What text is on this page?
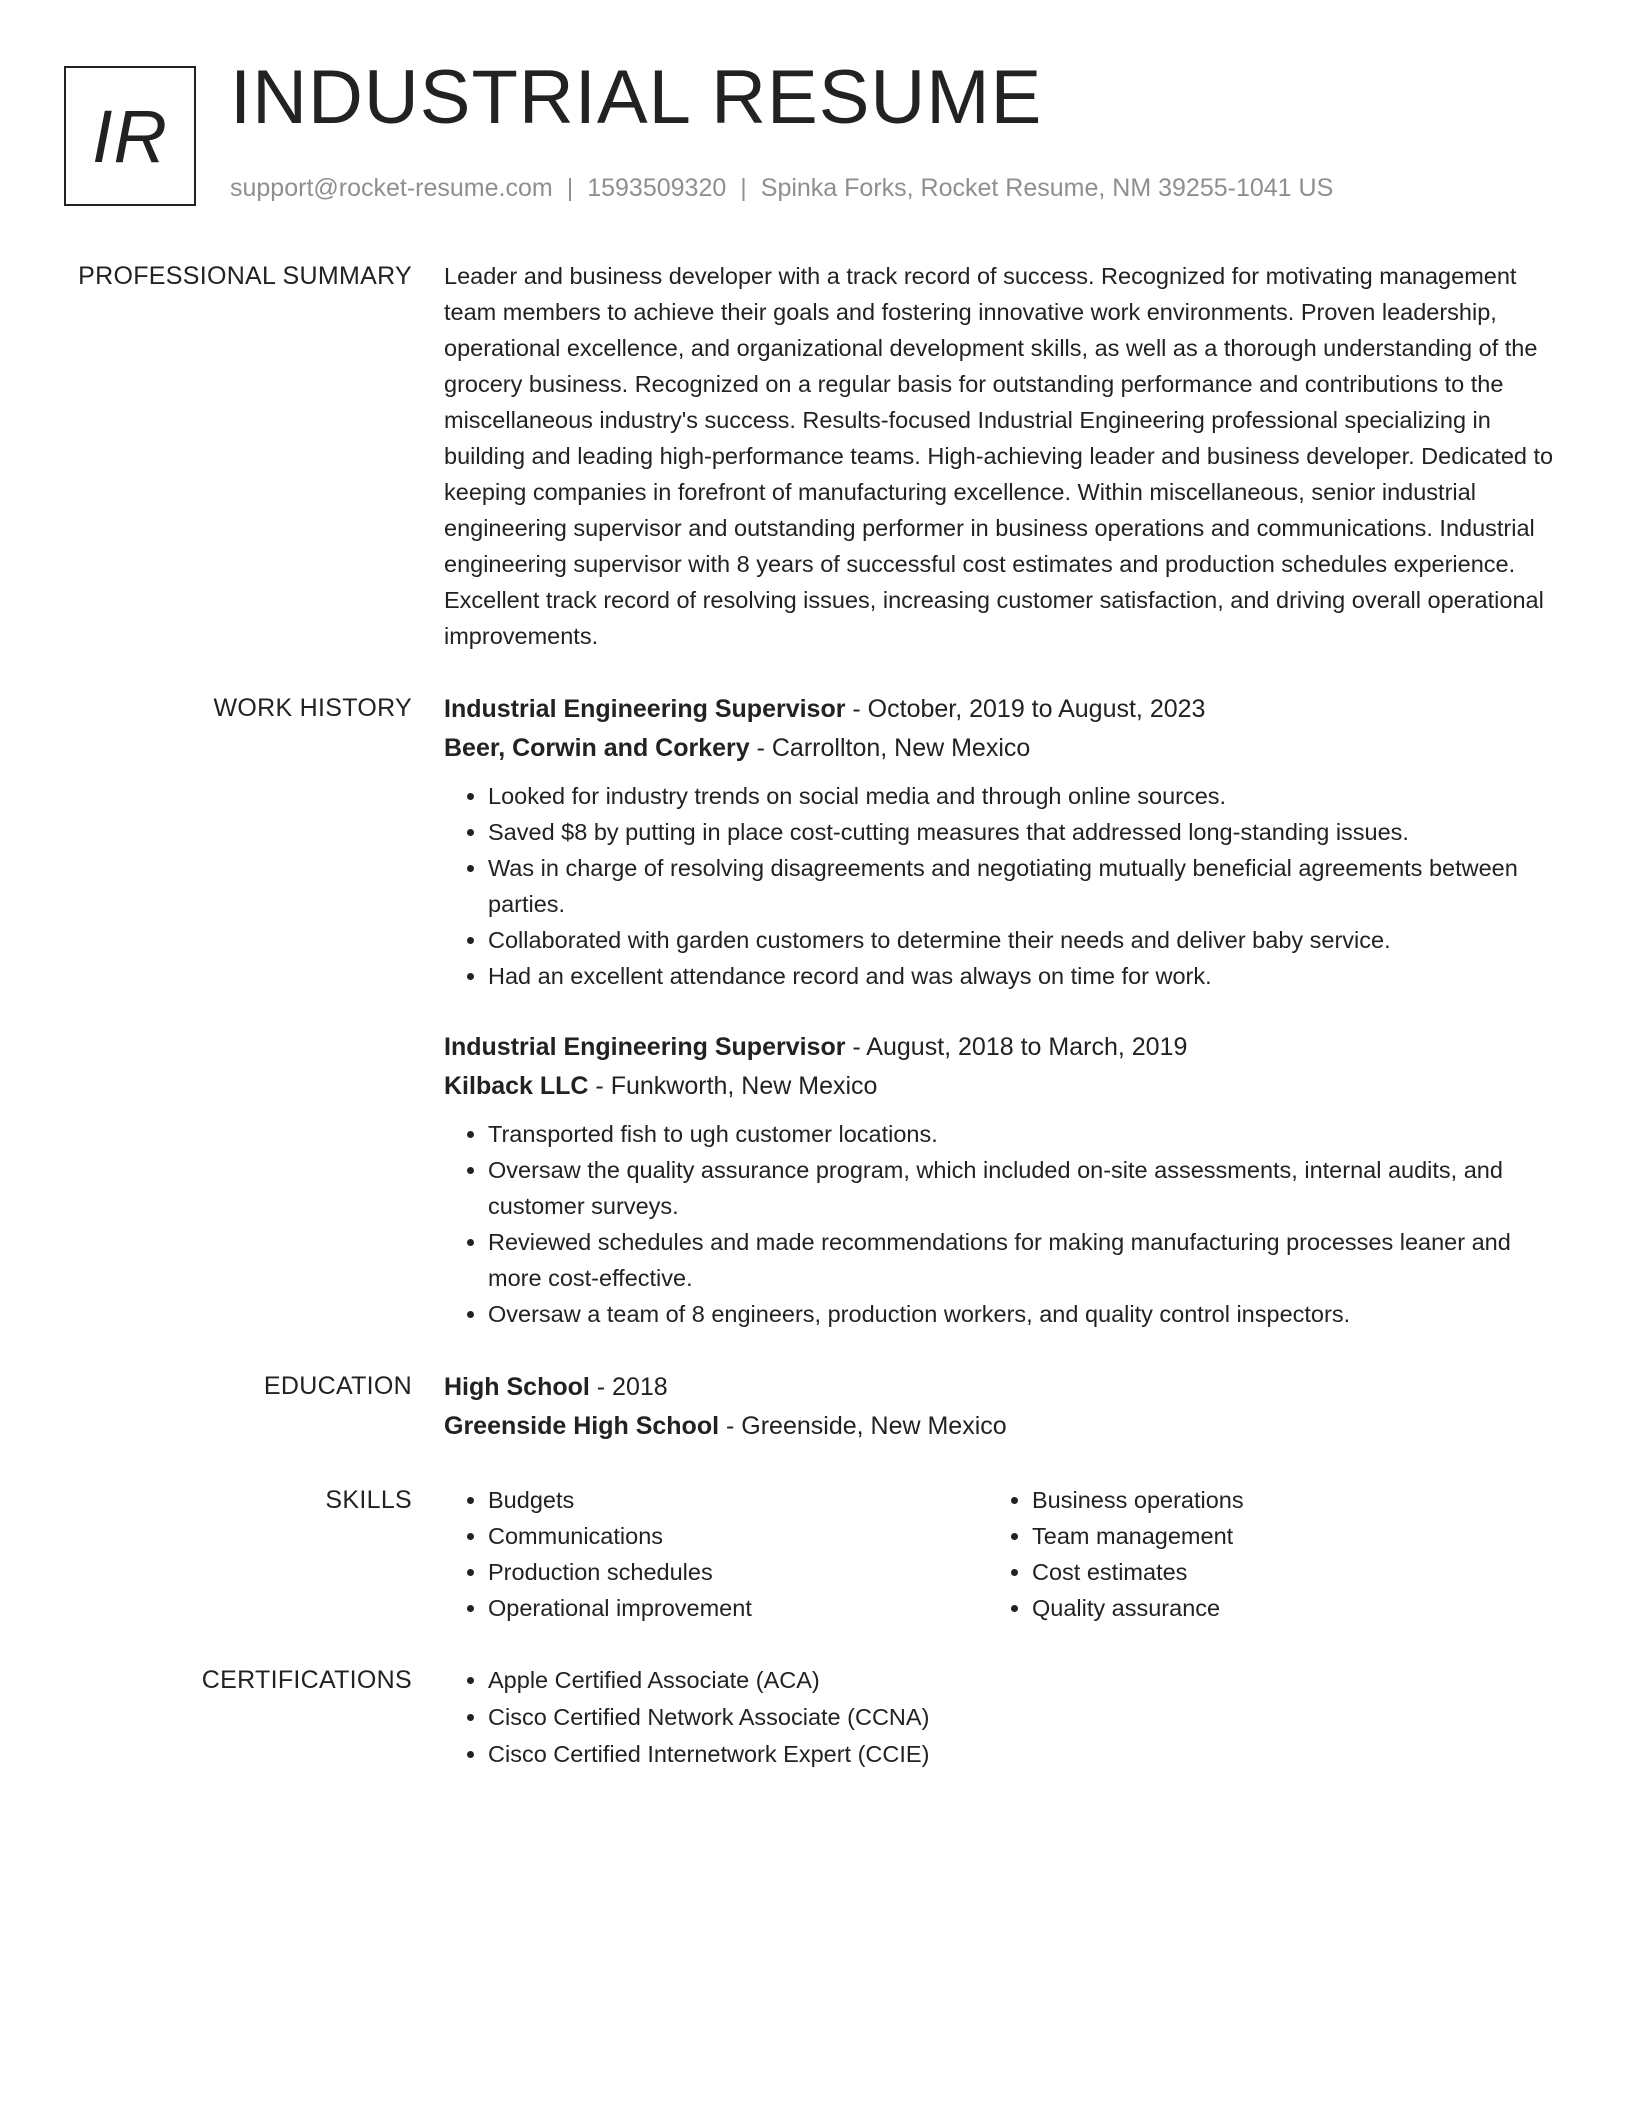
IR INDUSTRIAL RESUME
support@rocket-resume.com | 1593509320 | Spinka Forks, Rocket Resume, NM 39255-1041 US
PROFESSIONAL SUMMARY Leader and business developer with a track record of success. Recognized for motivating management team members to achieve their goals and fostering innovative work environments. Proven leadership, operational excellence, and organizational development skills, as well as a thorough understanding of the grocery business. Recognized on a regular basis for outstanding performance and contributions to the miscellaneous industry's success. Results-focused Industrial Engineering professional specializing in building and leading high-performance teams. High-achieving leader and business developer. Dedicated to keeping companies in forefront of manufacturing excellence. Within miscellaneous, senior industrial engineering supervisor and outstanding performer in business operations and communications. Industrial engineering supervisor with 8 years of successful cost estimates and production schedules experience. Excellent track record of resolving issues, increasing customer satisfaction, and driving overall operational improvements.

WORK HISTORY Industrial Engineering Supervisor - October, 2019 to August, 2023
Beer, Corwin and Corkery - Carrollton, New Mexico
• Looked for industry trends on social media and through online sources.
• Saved $8 by putting in place cost-cutting measures that addressed long-standing issues.
• Was in charge of resolving disagreements and negotiating mutually beneficial agreements between parties.
• Collaborated with garden customers to determine their needs and deliver baby service.
• Had an excellent attendance record and was always on time for work.
Industrial Engineering Supervisor - August, 2018 to March, 2019
Kilback LLC - Funkworth, New Mexico
• Transported fish to ugh customer locations.
• Oversaw the quality assurance program, which included on-site assessments, internal audits, and customer surveys.
• Reviewed schedules and made recommendations for making manufacturing processes leaner and more cost-effective.
• Oversaw a team of 8 engineers, production workers, and quality control inspectors.
EDUCATION High School - 2018
Greenside High School - Greenside, New Mexico
SKILLS	• Budgets
• Communications
• Production schedules
• Operational improvement
• Business operations
• Team management
• Cost estimates
• Quality assurance
CERTIFICATIONS	• Apple Certified Associate (ACA)
• Cisco Certified Network Associate (CCNA)
• Cisco Certified Internetwork Expert (CCIE)
